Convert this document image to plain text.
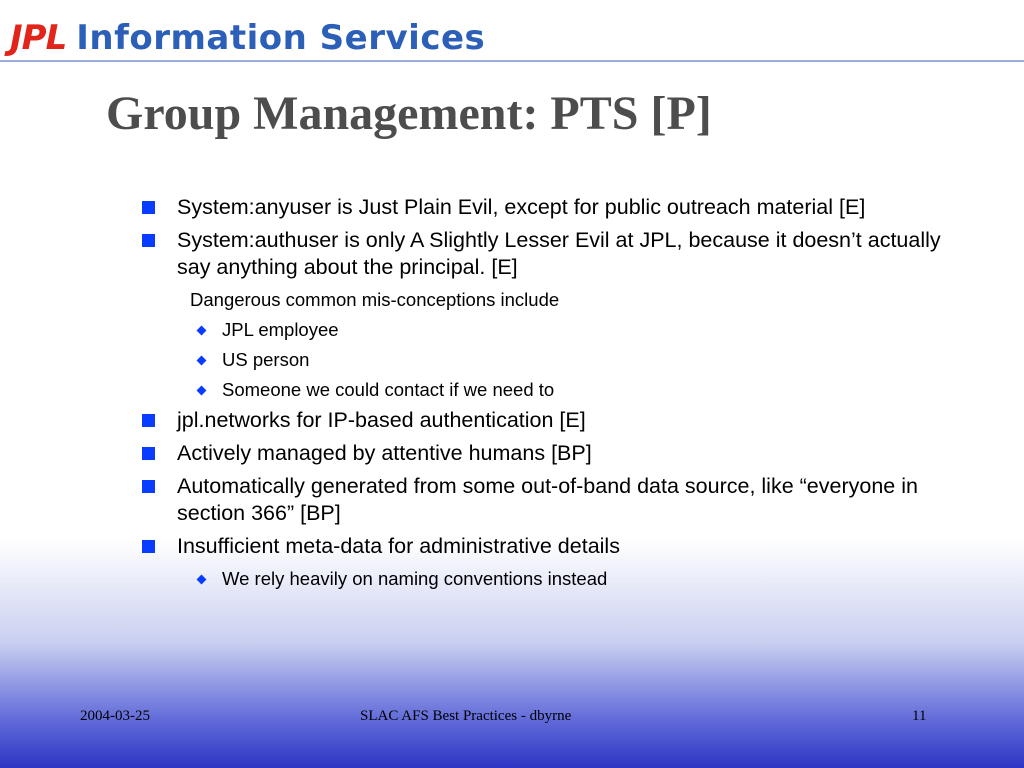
JPL Information Services
Group Management: PTS [P]
System:anyuser is Just Plain Evil, except for public outreach material [E]
System:authuser is only A Slightly Lesser Evil at JPL, because it doesn’t actually say anything about the principal. [E]
Dangerous common mis-conceptions include
JPL employee
US person
Someone we could contact if we need to
jpl.networks for IP-based authentication [E]
Actively managed by attentive humans [BP]
Automatically generated from some out-of-band data source, like “everyone in section 366” [BP]
Insufficient meta-data for administrative details
We rely heavily on naming conventions instead
2004-03-25	SLAC AFS Best Practices - dbyrne	11
